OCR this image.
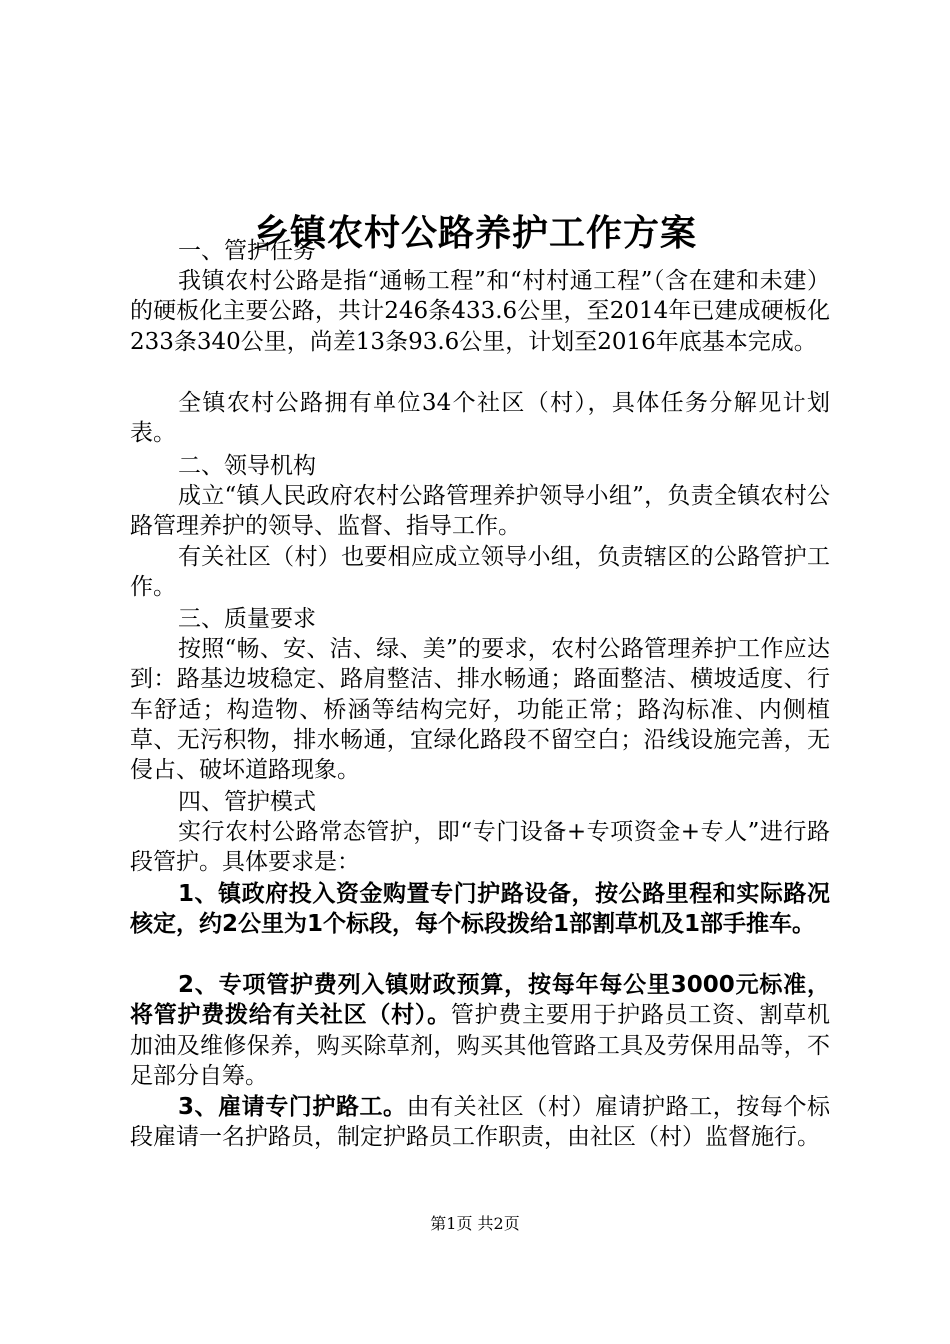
乡镇农村公路养护工作方案
一、管护任务

我镇农村公路是指“通畅工程”和“村村通工程”（含在建和未建）的硬板化主要公路，共计246条433.6公里，至2014年已建成硬板化233条340公里，尚差13条93.6公里，计划至2016年底基本完成。

全镇农村公路拥有单位34个社区（村），具体任务分解见计划表。

二、领导机构

成立“镇人民政府农村公路管理养护领导小组”，负责全镇农村公路管理养护的领导、监督、指导工作。

有关社区（村）也要相应成立领导小组，负责辖区的公路管护工作。

三、质量要求

按照“畅、安、洁、绿、美”的要求，农村公路管理养护工作应达到：路基边坡稳定、路肩整洁、排水畅通；路面整洁、横坡适度、行车舒适；构造物、桥涵等结构完好，功能正常；路沟标准、内侧植草、无污积物，排水畅通，宜绿化路段不留空白；沿线设施完善，无侵占、破坏道路现象。

四、管护模式

实行农村公路常态管护，即“专门设备+专项资金+专人”进行路段管护。具体要求是：

1、镇政府投入资金购置专门护路设备，按公路里程和实际路况核定，约2公里为1个标段，每个标段拨给1部割草机及1部手推车。

2、专项管护费列入镇财政预算，按每年每公里3000元标准，将管护费拨给有关社区（村）。管护费主要用于护路员工资、割草机加油及维修保养，购买除草剂，购买其他管路工具及劳保用品等，不足部分自筹。

3、雇请专门护路工。由有关社区（村）雇请护路工，按每个标段雇请一名护路员，制定护路员工作职责，由社区（村）监督施行。

第1页 共2页
